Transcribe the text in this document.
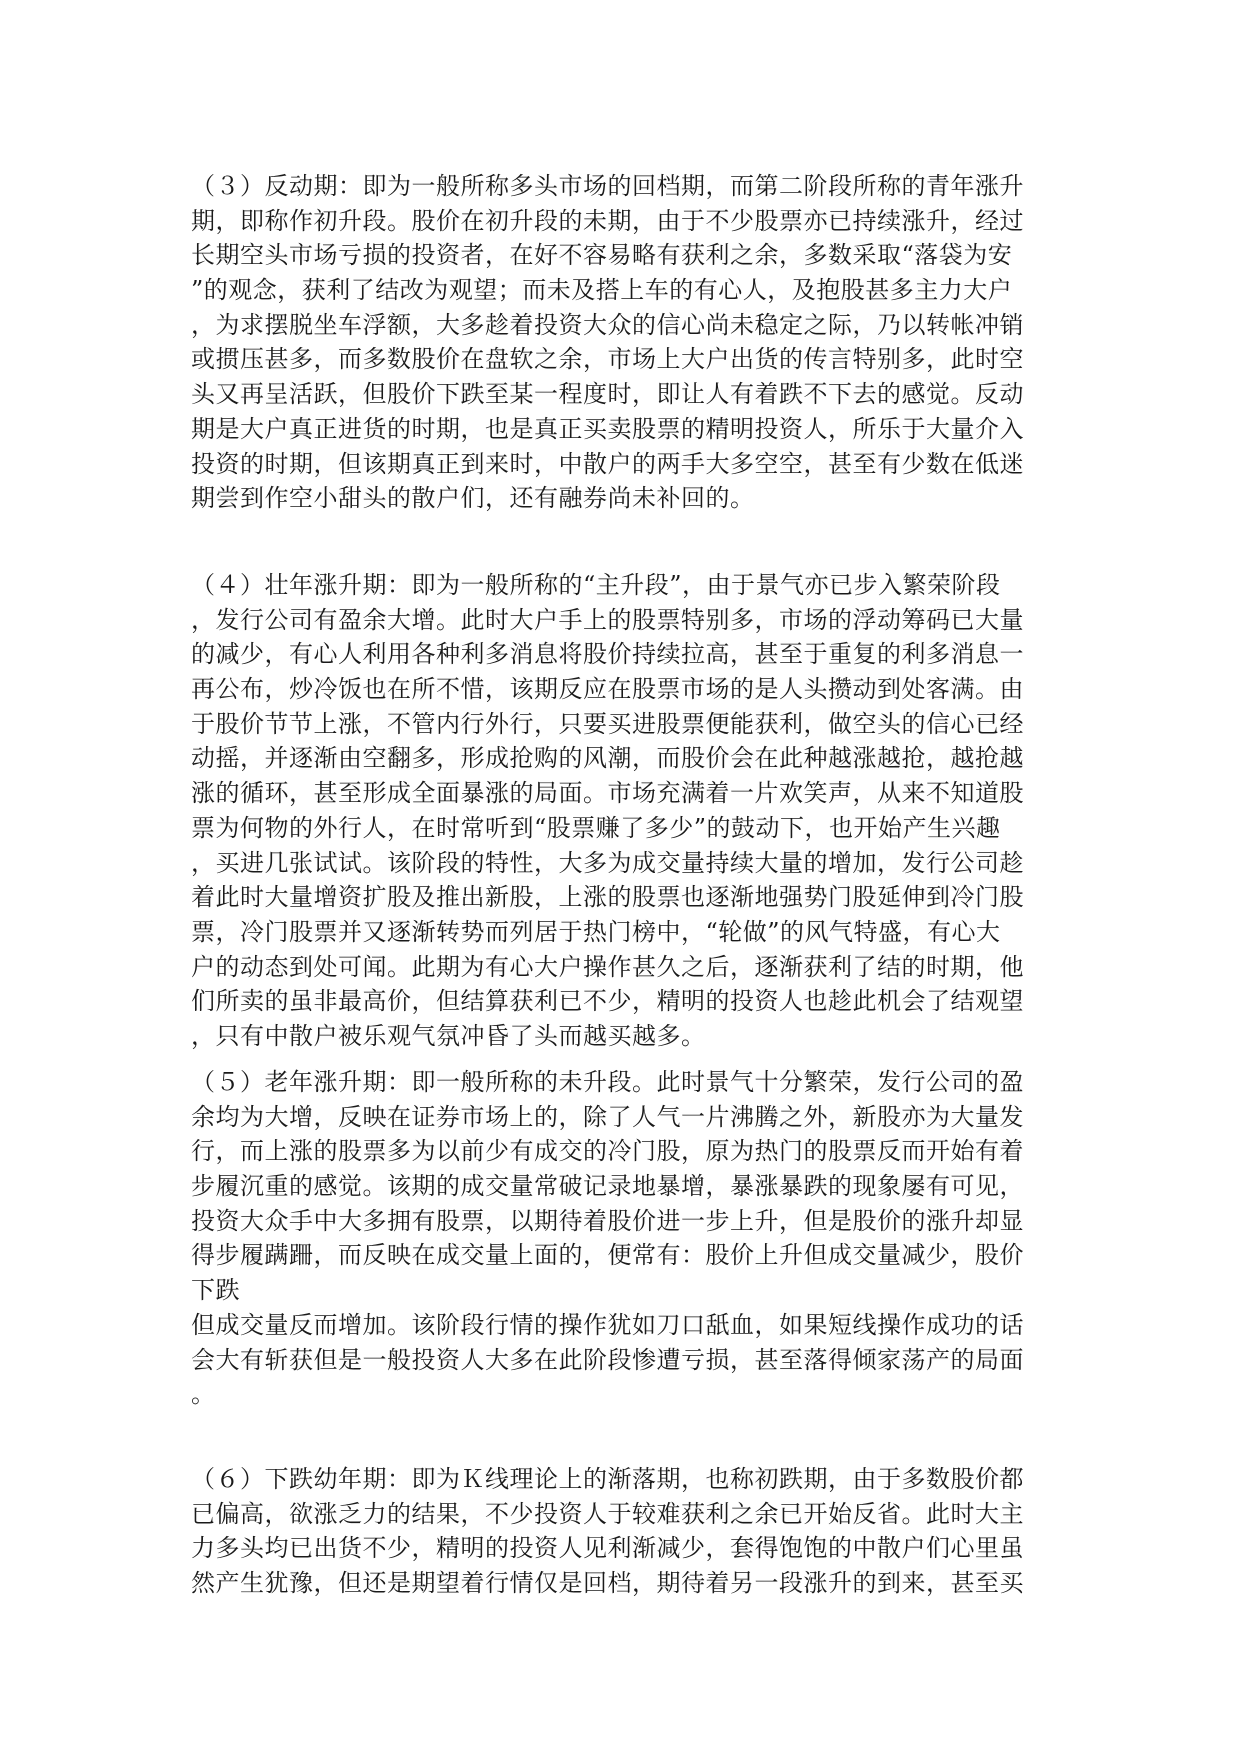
（３）反动期：即为一般所称多头市场的回档期，而第二阶段所称的青年涨升
期，即称作初升段。股价在初升段的未期，由于不少股票亦已持续涨升，经过
长期空头市场亏损的投资者，在好不容易略有获利之余，多数采取“落袋为安
”的观念，获利了结改为观望；而未及搭上车的有心人，及抱股甚多主力大户
，为求摆脱坐车浮额，大多趁着投资大众的信心尚未稳定之际，乃以转帐冲销
或掼压甚多，而多数股价在盘软之余，市场上大户出货的传言特别多，此时空
头又再呈活跃，但股价下跌至某一程度时，即让人有着跌不下去的感觉。反动
期是大户真正进货的时期，也是真正买卖股票的精明投资人，所乐于大量介入
投资的时期，但该期真正到来时，中散户的两手大多空空，甚至有少数在低迷
期尝到作空小甜头的散户们，还有融券尚未补回的。
（４）壮年涨升期：即为一般所称的“主升段”，由于景气亦已步入繁荣阶段
，发行公司有盈余大增。此时大户手上的股票特别多，市场的浮动筹码已大量
的减少，有心人利用各种利多消息将股价持续拉高，甚至于重复的利多消息一
再公布，炒冷饭也在所不惜，该期反应在股票市场的是人头攒动到处客满。由
于股价节节上涨，不管内行外行，只要买进股票便能获利，做空头的信心已经
动摇，并逐渐由空翻多，形成抢购的风潮，而股价会在此种越涨越抢，越抢越
涨的循环，甚至形成全面暴涨的局面。市场充满着一片欢笑声，从来不知道股
票为何物的外行人，在时常听到“股票赚了多少”的鼓动下，也开始产生兴趣
，买进几张试试。该阶段的特性，大多为成交量持续大量的增加，发行公司趁
着此时大量增资扩股及推出新股，上涨的股票也逐渐地强势门股延伸到冷门股
票，冷门股票并又逐渐转势而列居于热门榜中，“轮做”的风气特盛，有心大
户的动态到处可闻。此期为有心大户操作甚久之后，逐渐获利了结的时期，他
们所卖的虽非最高价，但结算获利已不少，精明的投资人也趁此机会了结观望
，只有中散户被乐观气氛冲昏了头而越买越多。
（５）老年涨升期：即一般所称的未升段。此时景气十分繁荣，发行公司的盈
余均为大增，反映在证券市场上的，除了人气一片沸腾之外，新股亦为大量发
行，而上涨的股票多为以前少有成交的冷门股，原为热门的股票反而开始有着
步履沉重的感觉。该期的成交量常破记录地暴增，暴涨暴跌的现象屡有可见，
投资大众手中大多拥有股票，以期待着股价进一步上升，但是股价的涨升却显
得步履蹒跚，而反映在成交量上面的，便常有：股价上升但成交量减少，股价
下跌
但成交量反而增加。该阶段行情的操作犹如刀口舐血，如果短线操作成功的话
会大有斩获但是一般投资人大多在此阶段惨遭亏损，甚至落得倾家荡产的局面
。
（６）下跌幼年期：即为Ｋ线理论上的渐落期，也称初跌期，由于多数股价都
已偏高，欲涨乏力的结果，不少投资人于较难获利之余已开始反省。此时大主
力多头均已出货不少，精明的投资人见利渐减少，套得饱饱的中散户们心里虽
然产生犹豫，但还是期望着行情仅是回档，期待着另一段涨升的到来，甚至买
